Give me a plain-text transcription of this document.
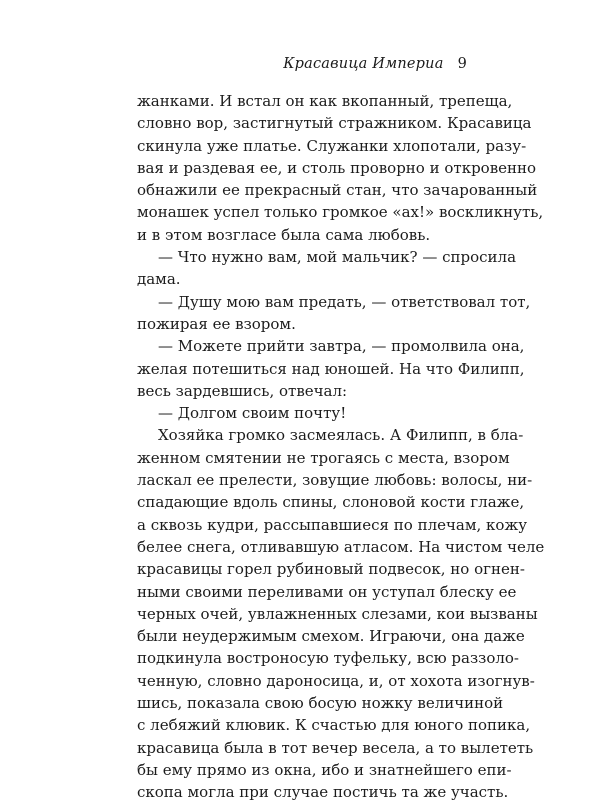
Красавица Империа 9
жанками. И встал он как вкопанный, трепеща,
словно вор, застигнутый стражником. Красавица
скинула уже платье. Служанки хлопотали, разу-
вая и раздевая ее, и столь проворно и откровенно
обнажили ее прекрасный стан, что зачарованный
монашек успел только громкое «ах!» воскликнуть,
и в этом возгласе была сама любовь.
— Что нужно вам, мой мальчик? — спросила
дама.
— Душу мою вам предать, — ответствовал тот,
пожирая ее взором.
— Можете прийти завтра, — промолвила она,
желая потешиться над юношей. На что Филипп,
весь зардевшись, отвечал:
— Долгом своим почту!
Хозяйка громко засмеялась. А Филипп, в бла-
женном смятении не трогаясь с места, взором
ласкал ее прелести, зовущие любовь: волосы, ни-
спадающие вдоль спины, слоновой кости глаже,
а сквозь кудри, рассыпавшиеся по плечам, кожу
белее снега, отливавшую атласом. На чистом челе
красавицы горел рубиновый подвесок, но огнен-
ными своими переливами он уступал блеску ее
черных очей, увлажненных слезами, кои вызваны
были неудержимым смехом. Играючи, она даже
подкинула востроносую туфельку, всю раззоло-
ченную, словно дароносица, и, от хохота изогнув-
шись, показала свою босую ножку величиной
с лебяжий клювик. К счастью для юного попика,
красавица была в тот вечер весела, а то вылететь
бы ему прямо из окна, ибо и знатнейшего епи-
скопа могла при случае постичь та же участь.
